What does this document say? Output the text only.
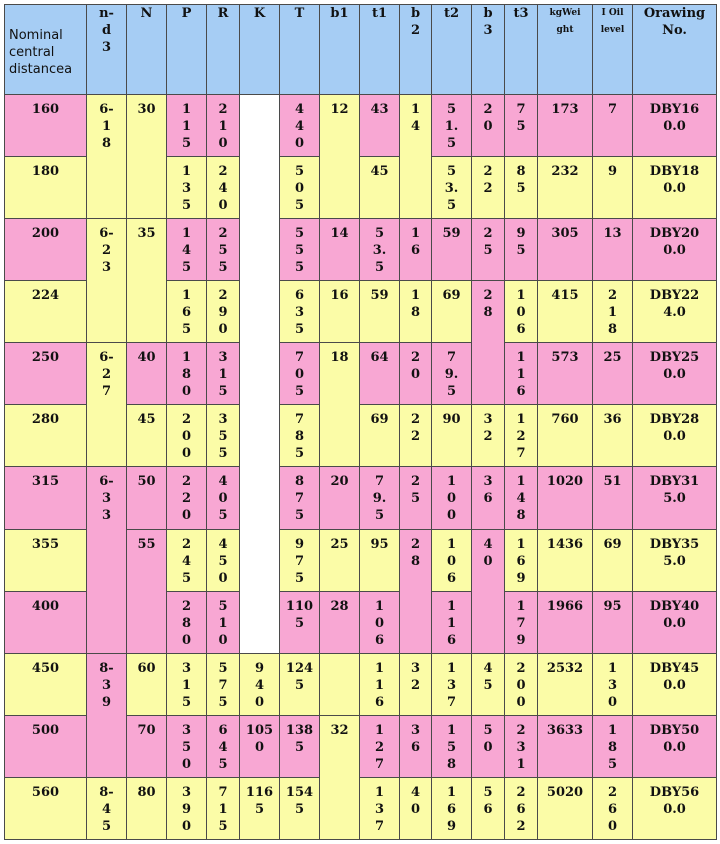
Nominal central distancea	n-d3	N	P	R	K	T	b1	t1	b2	t2	b3	t3	kgWeight	I Oil level	Orawing No.

160	6-18	30	115	210		440	12	43	14	51.5	20	75	173	7	DBY160.0

180			135	240		505		45		53.5	22	85	232	9	DBY180.0

200	6-23	35	145	255		555	14	53.5	16	59	25	95	305	13	DBY200.0

224			165	290		635	16	59	18	69	28	106	415	218	DBY224.0

250	6-27	40	180	315		705	18	64	20	79.5		116	573	25	DBY250.0

280		45	200	355		785		69	22	90	32	127	760	36	DBY280.0

315	6-33	50	220	405		875	20	79.5	25	100	36	148	1020	51	DBY315.0

355		55	245	450		975	25	95	28	106	40	169	1436	69	DBY355.0

400			280	510		1105	28	106		116		179	1966	95	DBY400.0

450	8-39	60	315	575	940	1245		116	32	137	45	200	2532	130	DBY450.0

500		70	350	645	1050	1385	32	127	36	158	50	231	3633	185	DBY500.0

560	8-45	80	390	715	1165	1545		137	40	169	56	262	5020	260	DBY560.0
